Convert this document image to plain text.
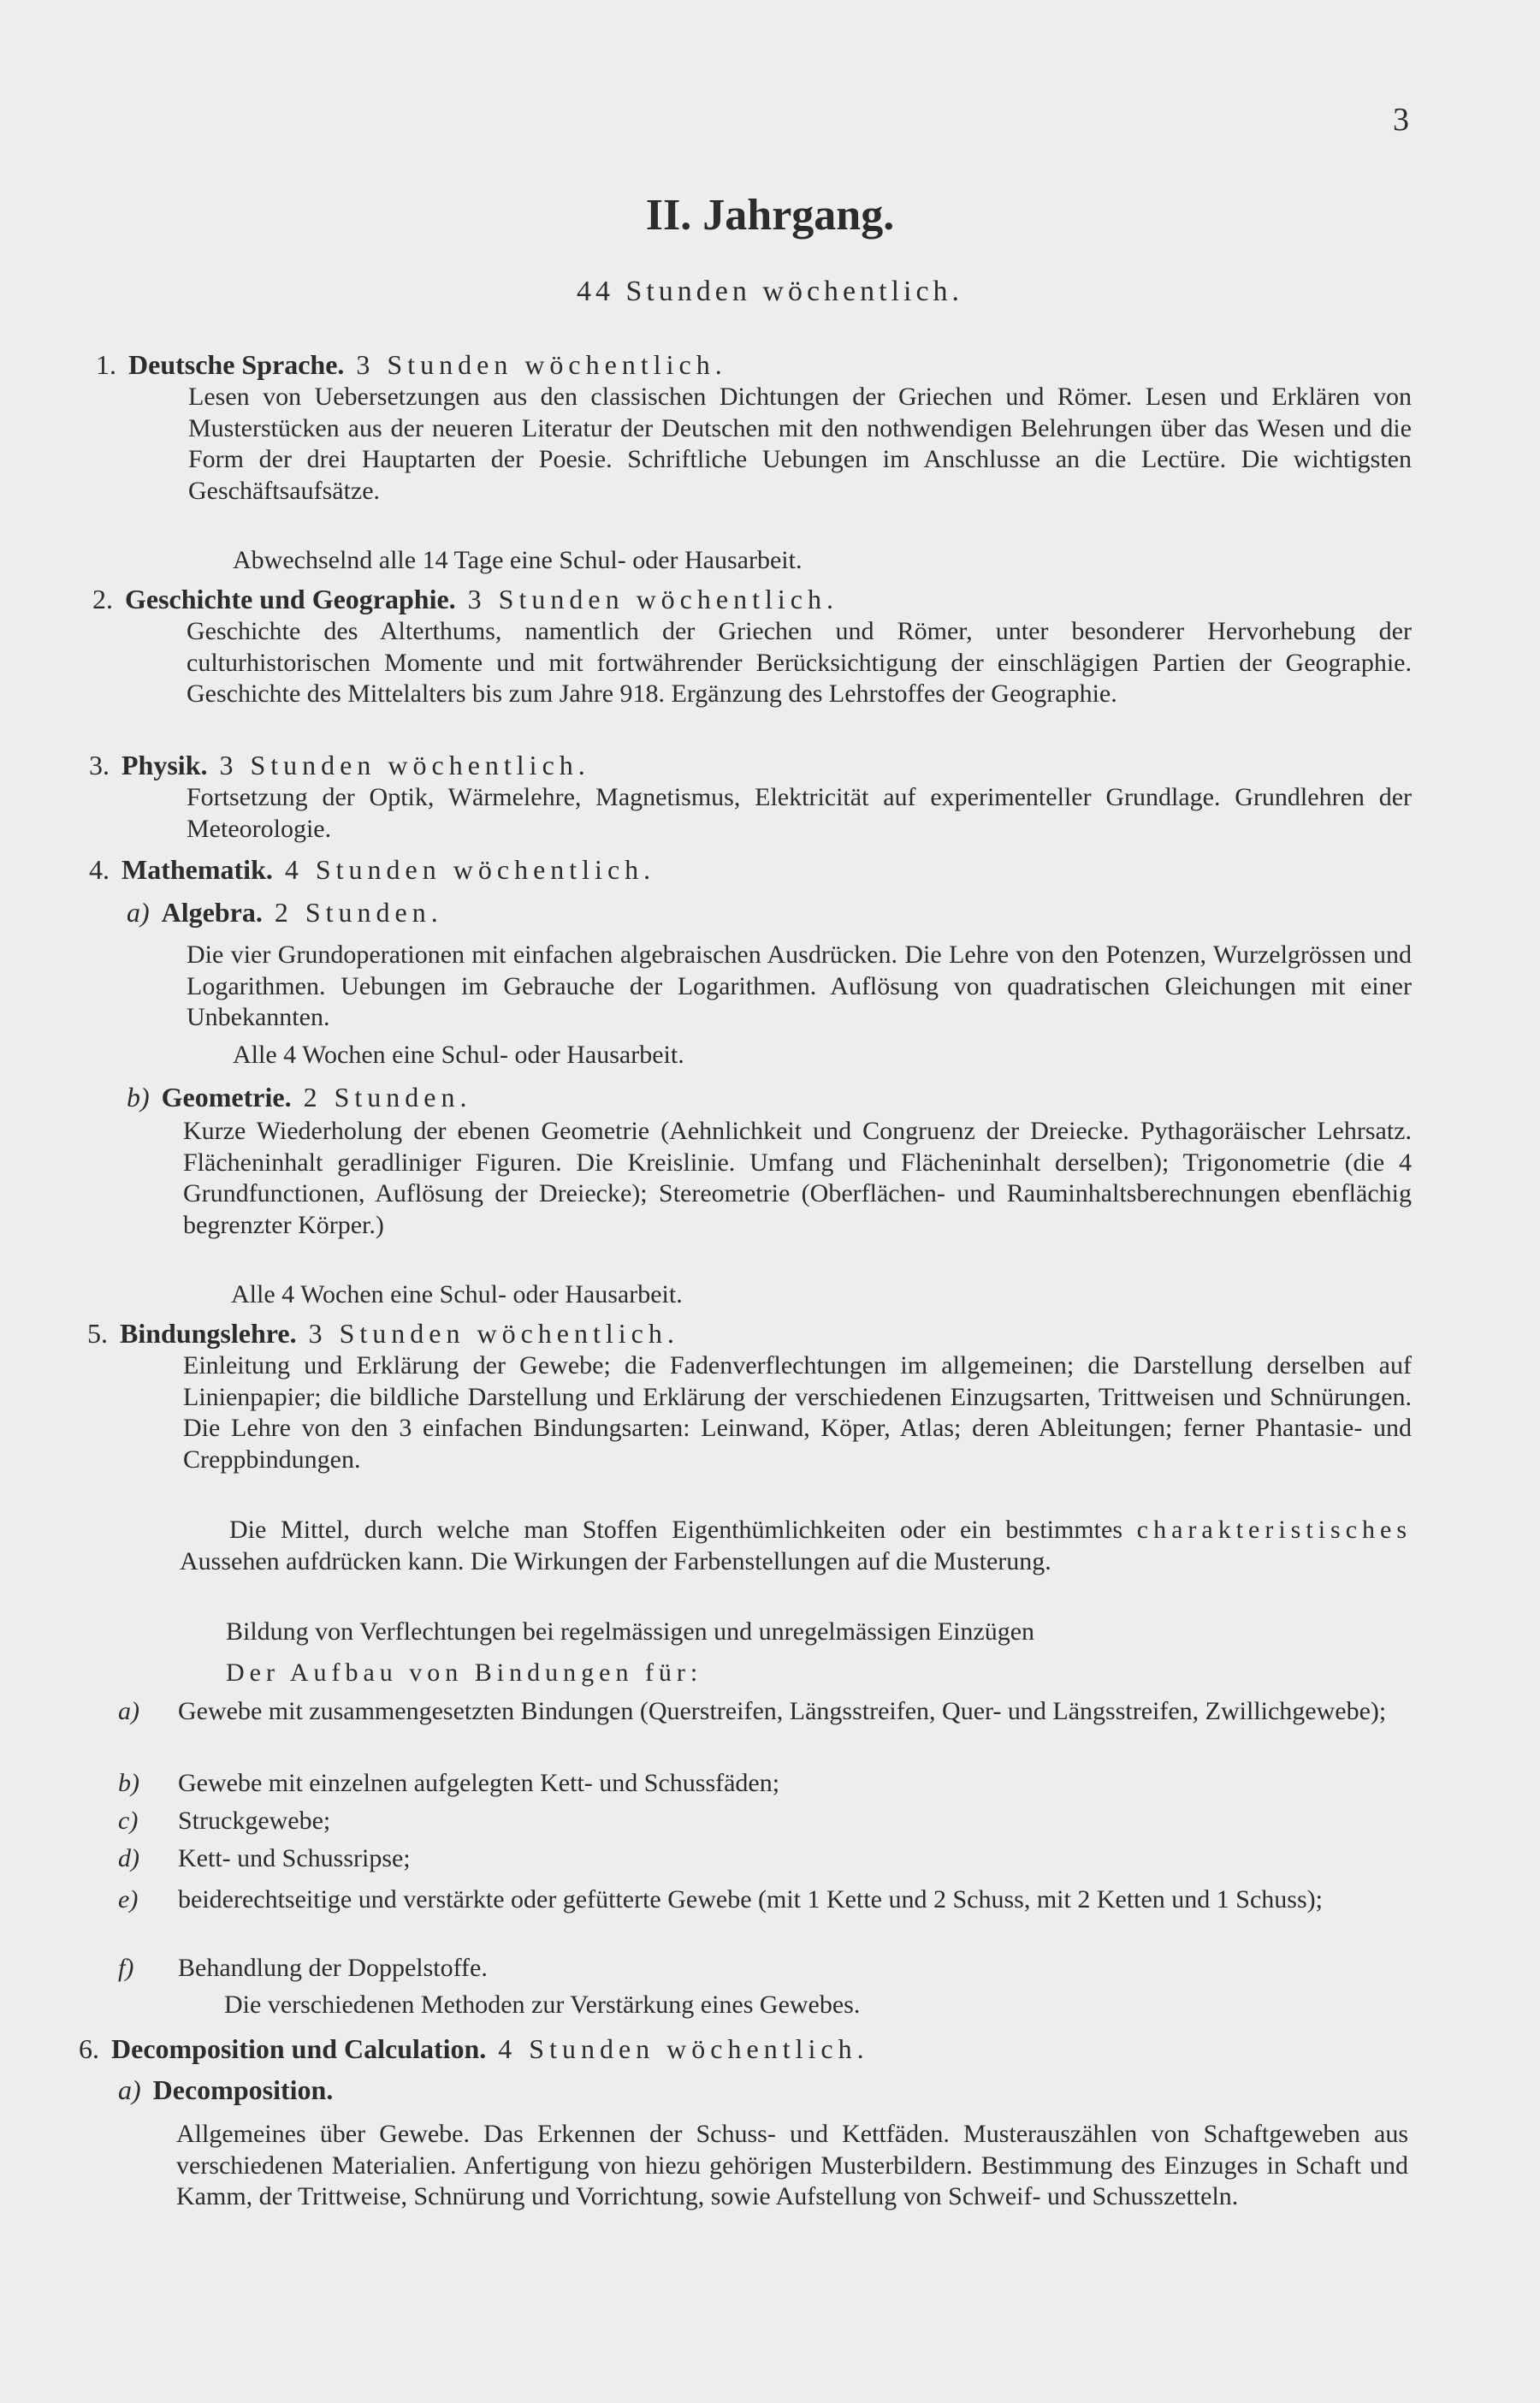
3
II. Jahrgang.
44 Stunden wöchentlich.
1. Deutsche Sprache. 3 Stunden wöchentlich.
Lesen von Uebersetzungen aus den classischen Dichtungen der Griechen und Römer. Lesen und Erklären von Musterstücken aus der neueren Literatur der Deutschen mit den nothwendigen Belehrungen über das Wesen und die Form der drei Hauptarten der Poesie. Schriftliche Uebungen im Anschlusse an die Lectüre. Die wichtigsten Geschäftsaufsätze.
Abwechselnd alle 14 Tage eine Schul- oder Hausarbeit.
2. Geschichte und Geographie. 3 Stunden wöchentlich.
Geschichte des Alterthums, namentlich der Griechen und Römer, unter besonderer Hervorhebung der culturhistorischen Momente und mit fortwährender Berücksichtigung der einschlägigen Partien der Geographie. Geschichte des Mittelalters bis zum Jahre 918. Ergänzung des Lehrstoffes der Geographie.
3. Physik. 3 Stunden wöchentlich.
Fortsetzung der Optik, Wärmelehre, Magnetismus, Elektricität auf experimenteller Grundlage. Grundlehren der Meteorologie.
4. Mathematik. 4 Stunden wöchentlich.
a) Algebra. 2 Stunden.
Die vier Grundoperationen mit einfachen algebraischen Ausdrücken. Die Lehre von den Potenzen, Wurzelgrössen und Logarithmen. Uebungen im Gebrauche der Logarithmen. Auflösung von quadratischen Gleichungen mit einer Unbekannten.
Alle 4 Wochen eine Schul- oder Hausarbeit.
b) Geometrie. 2 Stunden.
Kurze Wiederholung der ebenen Geometrie (Aehnlichkeit und Congruenz der Dreiecke. Pythagoräischer Lehrsatz. Flächeninhalt geradliniger Figuren. Die Kreislinie. Umfang und Flächeninhalt derselben); Trigonometrie (die 4 Grundfunctionen, Auflösung der Dreiecke); Stereometrie (Oberflächen- und Rauminhaltsberechnungen ebenflächig begrenzter Körper.)
Alle 4 Wochen eine Schul- oder Hausarbeit.
5. Bindungslehre. 3 Stunden wöchentlich.
Einleitung und Erklärung der Gewebe; die Fadenverflechtungen im allgemeinen; die Darstellung derselben auf Linienpapier; die bildliche Darstellung und Erklärung der verschiedenen Einzugsarten, Trittweisen und Schnürungen. Die Lehre von den 3 einfachen Bindungsarten: Leinwand, Köper, Atlas; deren Ableitungen; ferner Phantasie- und Creppbindungen.
Die Mittel, durch welche man Stoffen Eigenthümlichkeiten oder ein bestimmtes charakteristisches Aussehen aufdrücken kann. Die Wirkungen der Farbenstellungen auf die Musterung.
Bildung von Verflechtungen bei regelmässigen und unregelmässigen Einzügen
Der Aufbau von Bindungen für:
a) Gewebe mit zusammengesetzten Bindungen (Querstreifen, Längsstreifen, Quer- und Längsstreifen, Zwillichgewebe);
b) Gewebe mit einzelnen aufgelegten Kett- und Schussfäden;
c) Struckgewebe;
d) Kett- und Schussripse;
e) beiderechtseitige und verstärkte oder gefütterte Gewebe (mit 1 Kette und 2 Schuss, mit 2 Ketten und 1 Schuss);
f) Behandlung der Doppelstoffe.
Die verschiedenen Methoden zur Verstärkung eines Gewebes.
6. Decomposition und Calculation. 4 Stunden wöchentlich.
a) Decomposition.
Allgemeines über Gewebe. Das Erkennen der Schuss- und Kettfäden. Musterauszählen von Schaftgeweben aus verschiedenen Materialien. Anfertigung von hiezu gehörigen Musterbildern. Bestimmung des Einzuges in Schaft und Kamm, der Trittweise, Schnürung und Vorrichtung, sowie Aufstellung von Schweif- und Schusszetteln.
